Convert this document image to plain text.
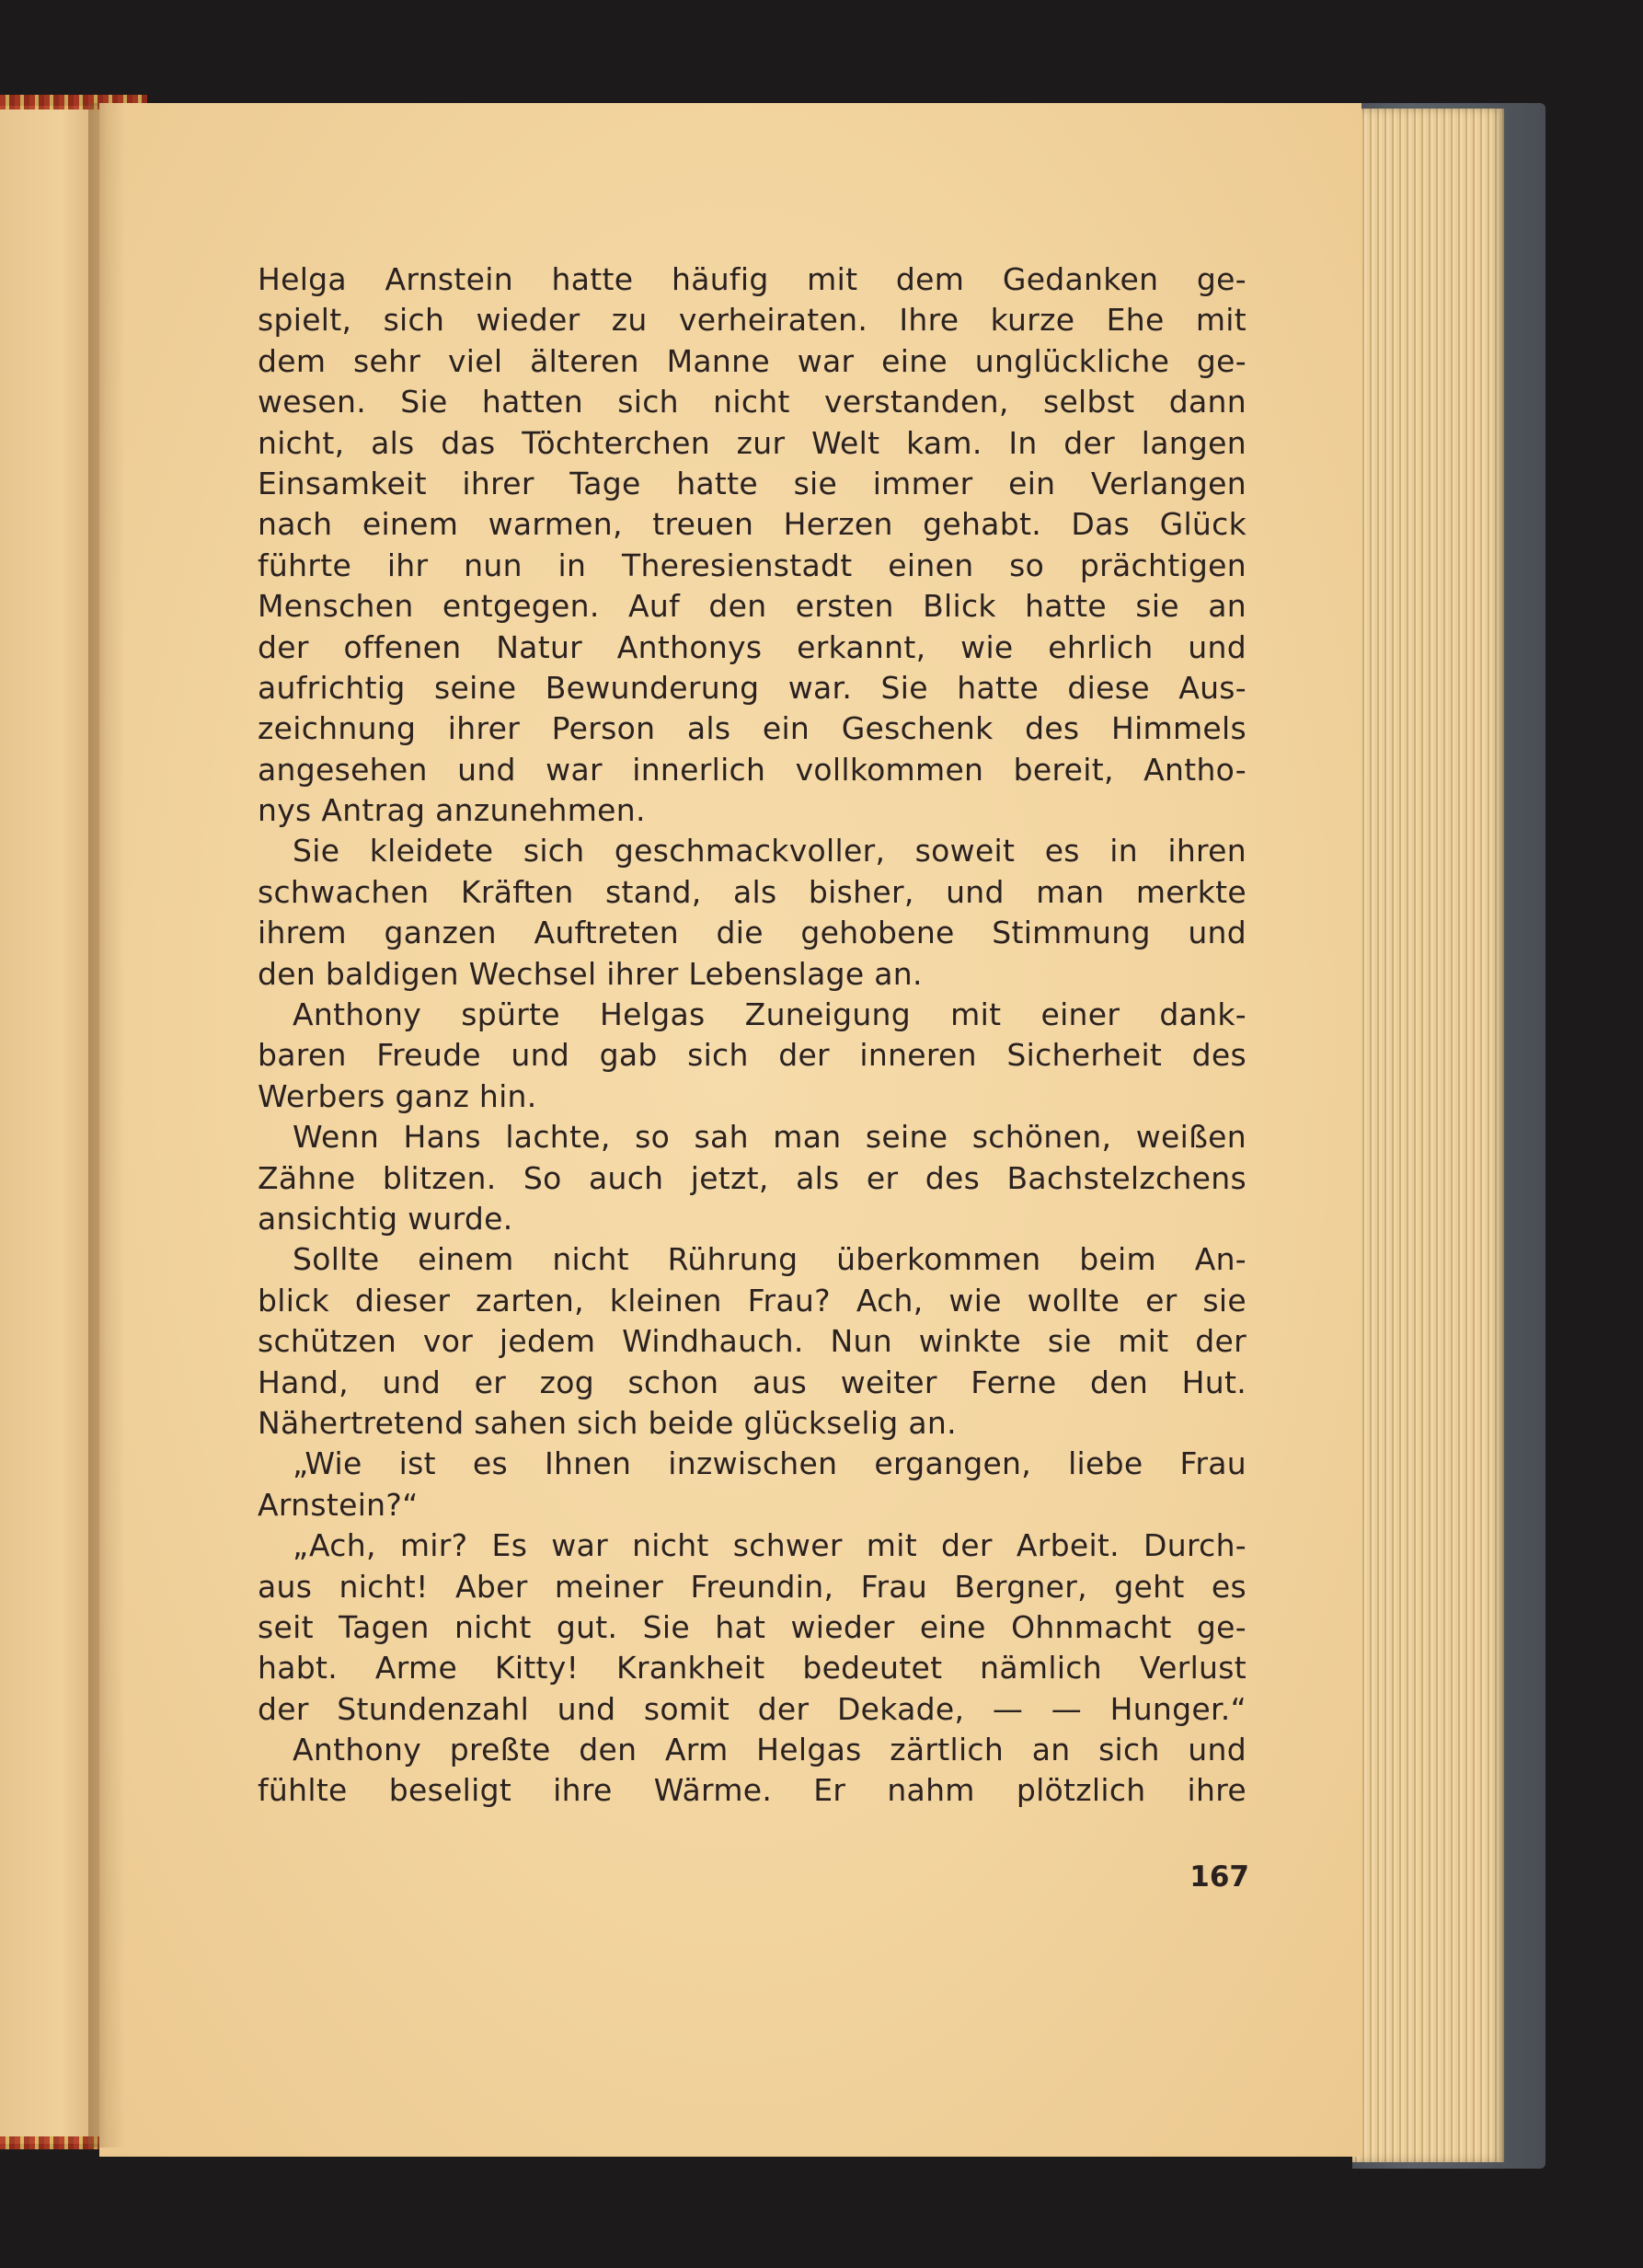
Helga Arnstein hatte häufig mit dem Gedanken ge-
spielt, sich wieder zu verheiraten. Ihre kurze Ehe mit
dem sehr viel älteren Manne war eine unglückliche ge-
wesen. Sie hatten sich nicht verstanden, selbst dann
nicht, als das Töchterchen zur Welt kam. In der langen
Einsamkeit ihrer Tage hatte sie immer ein Verlangen
nach einem warmen, treuen Herzen gehabt. Das Glück
führte ihr nun in Theresienstadt einen so prächtigen
Menschen entgegen. Auf den ersten Blick hatte sie an
der offenen Natur Anthonys erkannt, wie ehrlich und
aufrichtig seine Bewunderung war. Sie hatte diese Aus-
zeichnung ihrer Person als ein Geschenk des Himmels
angesehen und war innerlich vollkommen bereit, Antho-
nys Antrag anzunehmen.
Sie kleidete sich geschmackvoller, soweit es in ihren
schwachen Kräften stand, als bisher, und man merkte
ihrem ganzen Auftreten die gehobene Stimmung und
den baldigen Wechsel ihrer Lebenslage an.
Anthony spürte Helgas Zuneigung mit einer dank-
baren Freude und gab sich der inneren Sicherheit des
Werbers ganz hin.
Wenn Hans lachte, so sah man seine schönen, weißen
Zähne blitzen. So auch jetzt, als er des Bachstelzchens
ansichtig wurde.
Sollte einem nicht Rührung überkommen beim An-
blick dieser zarten, kleinen Frau? Ach, wie wollte er sie
schützen vor jedem Windhauch. Nun winkte sie mit der
Hand, und er zog schon aus weiter Ferne den Hut.
Nähertretend sahen sich beide glückselig an.
„Wie ist es Ihnen inzwischen ergangen, liebe Frau
Arnstein?“
„Ach, mir? Es war nicht schwer mit der Arbeit. Durch-
aus nicht! Aber meiner Freundin, Frau Bergner, geht es
seit Tagen nicht gut. Sie hat wieder eine Ohnmacht ge-
habt. Arme Kitty! Krankheit bedeutet nämlich Verlust
der Stundenzahl und somit der Dekade, — — Hunger.“
Anthony preßte den Arm Helgas zärtlich an sich und
fühlte beseligt ihre Wärme. Er nahm plötzlich ihre
167
